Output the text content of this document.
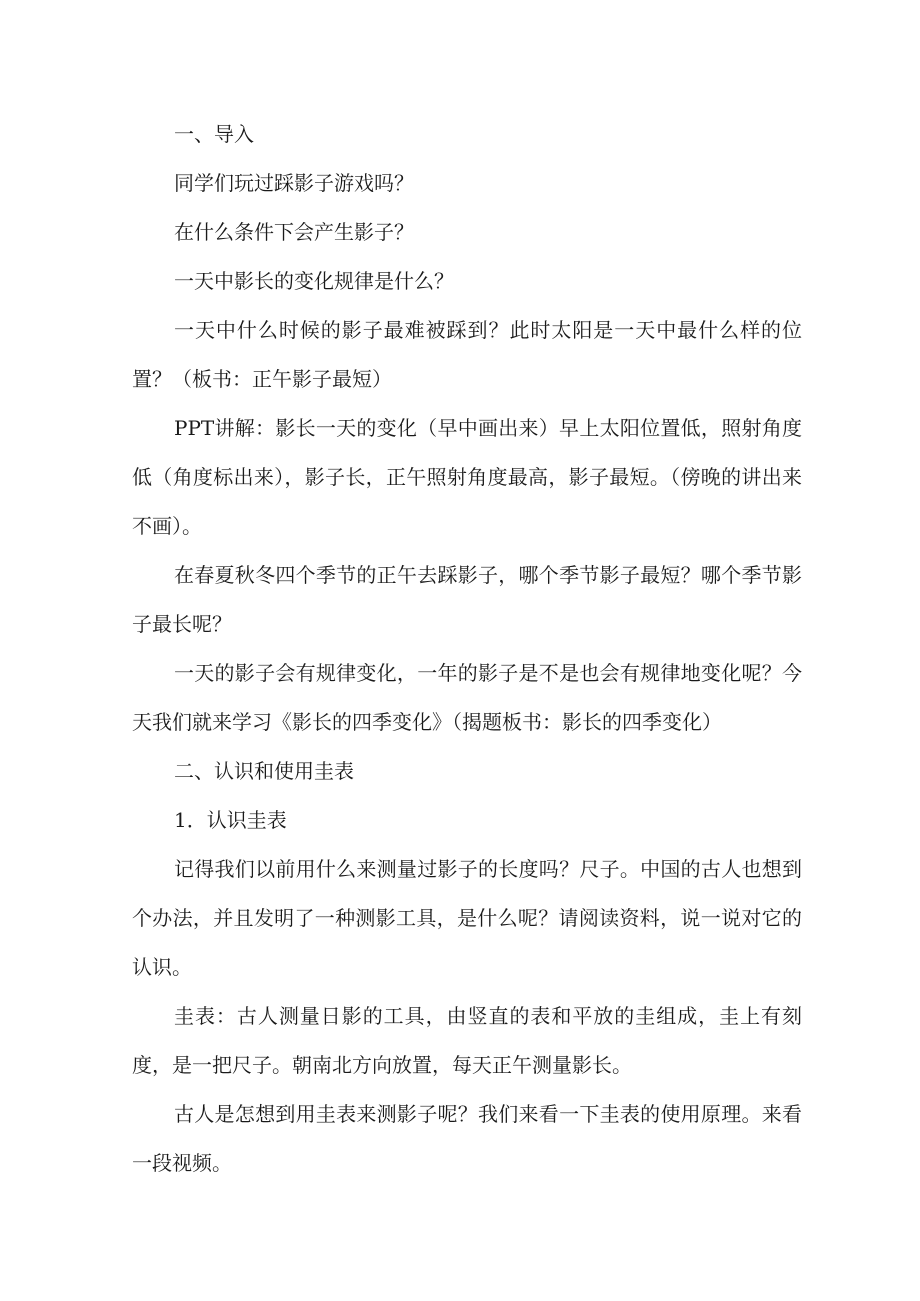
一、导入

同学们玩过踩影子游戏吗？

在什么条件下会产生影子？

一天中影长的变化规律是什么？

一天中什么时候的影子最难被踩到？此时太阳是一天中最什么样的位置？（板书：正午影子最短）

PPT讲解：影长一天的变化（早中画出来）早上太阳位置低，照射角度低（角度标出来），影子长，正午照射角度最高，影子最短。（傍晚的讲出来不画）。

在春夏秋冬四个季节的正午去踩影子，哪个季节影子最短？哪个季节影子最长呢？

一天的影子会有规律变化，一年的影子是不是也会有规律地变化呢？今天我们就来学习《影长的四季变化》（揭题板书：影长的四季变化）

二、认识和使用圭表

1．认识圭表

记得我们以前用什么来测量过影子的长度吗？尺子。中国的古人也想到个办法，并且发明了一种测影工具，是什么呢？请阅读资料，说一说对它的认识。

圭表：古人测量日影的工具，由竖直的表和平放的圭组成，圭上有刻度，是一把尺子。朝南北方向放置，每天正午测量影长。

古人是怎想到用圭表来测影子呢？我们来看一下圭表的使用原理。来看一段视频。
